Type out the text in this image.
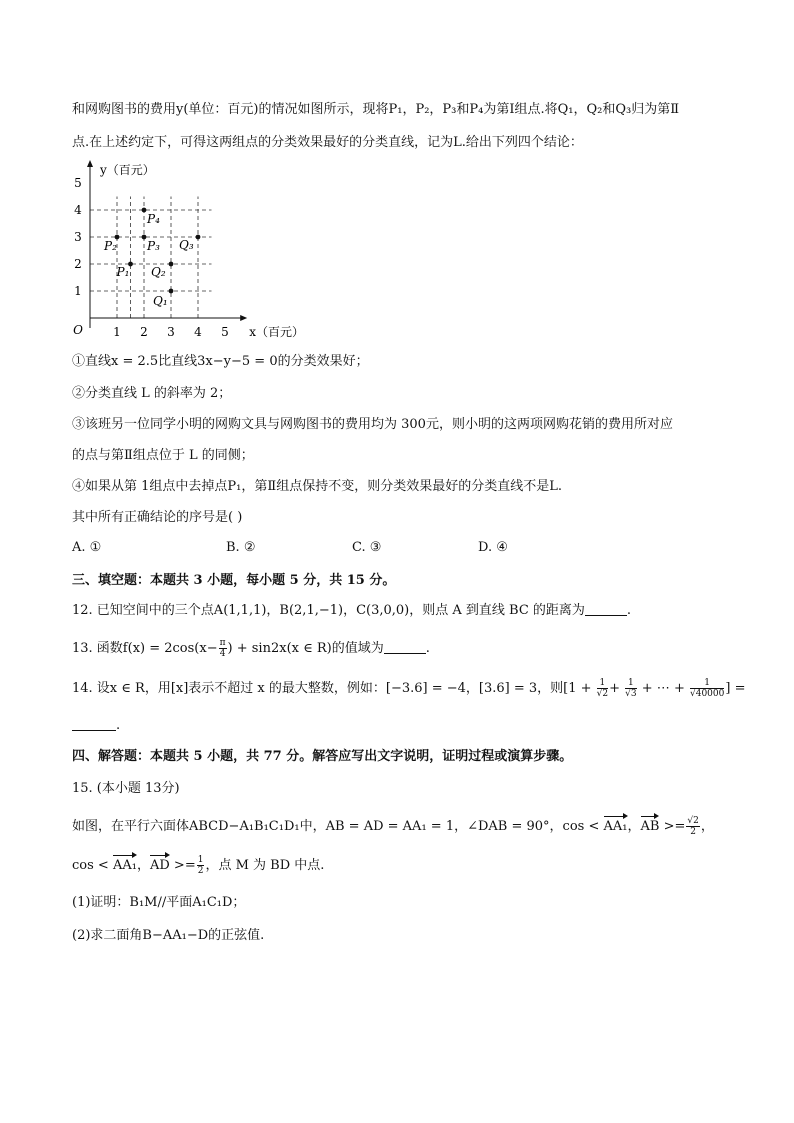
和网购图书的费用y(单位：百元)的情况如图所示，现将P₁，P₂，P₃和P₄为第Ⅰ组点.将Q₁，Q₂和Q₃归为第Ⅱ
点.在上述约定下，可得这两组点的分类效果最好的分类直线，记为L.给出下列四个结论：
1 2 3 4 5
1
2
3
4
5
O
y（百元）
x（百元）
P₁
P₂	P₃
P₄
Q₁
Q₂
Q₃
①直线x = 2.5比直线3x−y−5 = 0的分类效果好；
②分类直线 L 的斜率为 2；
③该班另一位同学小明的网购文具与网购图书的费用均为 300元，则小明的这两项网购花销的费用所对应
的点与第Ⅱ组点位于 L 的同侧；
④如果从第 1组点中去掉点P₁，第Ⅱ组点保持不变，则分类效果最好的分类直线不是L.
其中所有正确结论的序号是( )
A. ①	B. ②	C. ③	D. ④
三、填空题：本题共 3 小题，每小题 5 分，共 15 分。
12. 已知空间中的三个点A(1,1,1)，B(2,1,−1)，C(3,0,0)，则点 A 到直线 BC 的距离为	.
13. 函数$f(x) = 2\cos(x- \frac{\pi}{4}$ ) + sin2x(x ∈ R)的值域为	.
14. 设x ∈ R，用[x]表示不超过 x 的最大整数，例如：[−3.6] = −4，[3.6] = 3，则[$1 + \frac{1}{√2} + \frac{1}{√3}$ + ⋯ + $\frac{1}{√40000}$ ] =
.
四、解答题：本题共 5 小题，共 77 分。解答应写出文字说明，证明过程或演算步骤。
15. (本小题 13分)
如图，在平行六面体ABCD−A₁B₁C₁D₁中，AB = AD = AA₁ = 1，∠DAB = 90°，cos < AA₁，AB >= $\frac{√2}{2}$ ，
cos < AA₁，AD >= $\frac{1}{2}$ ，点 M 为 BD 中点.
(1)证明：B₁M//平面A₁C₁D；
(2)求二面角B−AA₁−D的正弦值.
